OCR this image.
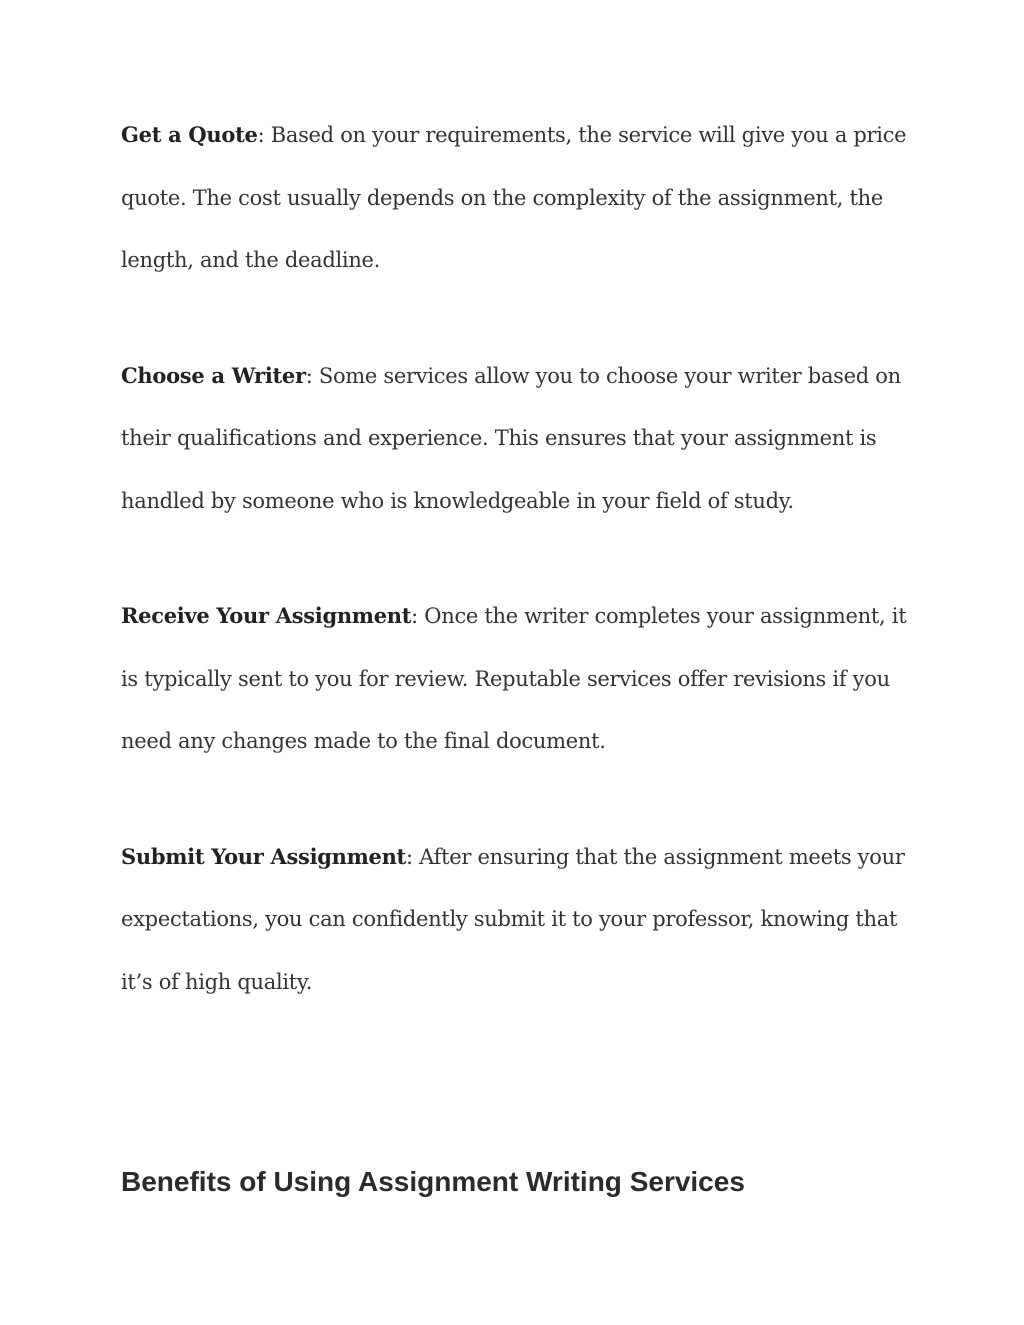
Get a Quote: Based on your requirements, the service will give you a price quote. The cost usually depends on the complexity of the assignment, the length, and the deadline.

Choose a Writer: Some services allow you to choose your writer based on their qualifications and experience. This ensures that your assignment is handled by someone who is knowledgeable in your field of study.

Receive Your Assignment: Once the writer completes your assignment, it is typically sent to you for review. Reputable services offer revisions if you need any changes made to the final document.

Submit Your Assignment: After ensuring that the assignment meets your expectations, you can confidently submit it to your professor, knowing that it’s of high quality.

Benefits of Using Assignment Writing Services
